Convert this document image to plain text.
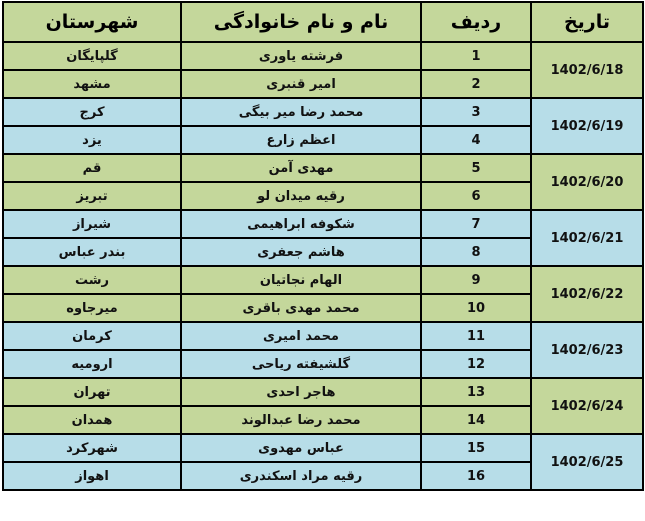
تاریخ	ردیف	نام و نام خانوادگی	شهرستان
1402/6/18	1	فرشته یاوری	گلپایگان
	2	امیر قنبری	مشهد
1402/6/19	3	محمد رضا میر بیگی	کرج
	4	اعظم زارع	یزد
1402/6/20	5	مهدی آمن	قم
	6	رقیه میدان لو	تبریز
1402/6/21	7	شکوفه ابراهیمی	شیراز
	8	هاشم جعفری	بندر عباس
1402/6/22	9	الهام نجاتیان	رشت
	10	محمد مهدی باقری	میرجاوه
1402/6/23	11	محمد امیری	کرمان
	12	گلشیفته ریاحی	ارومیه
1402/6/24	13	هاجر احدی	تهران
	14	محمد رضا عبدالوند	همدان
1402/6/25	15	عباس مهدوی	شهرکرد
	16	رقیه مراد اسکندری	اهواز
